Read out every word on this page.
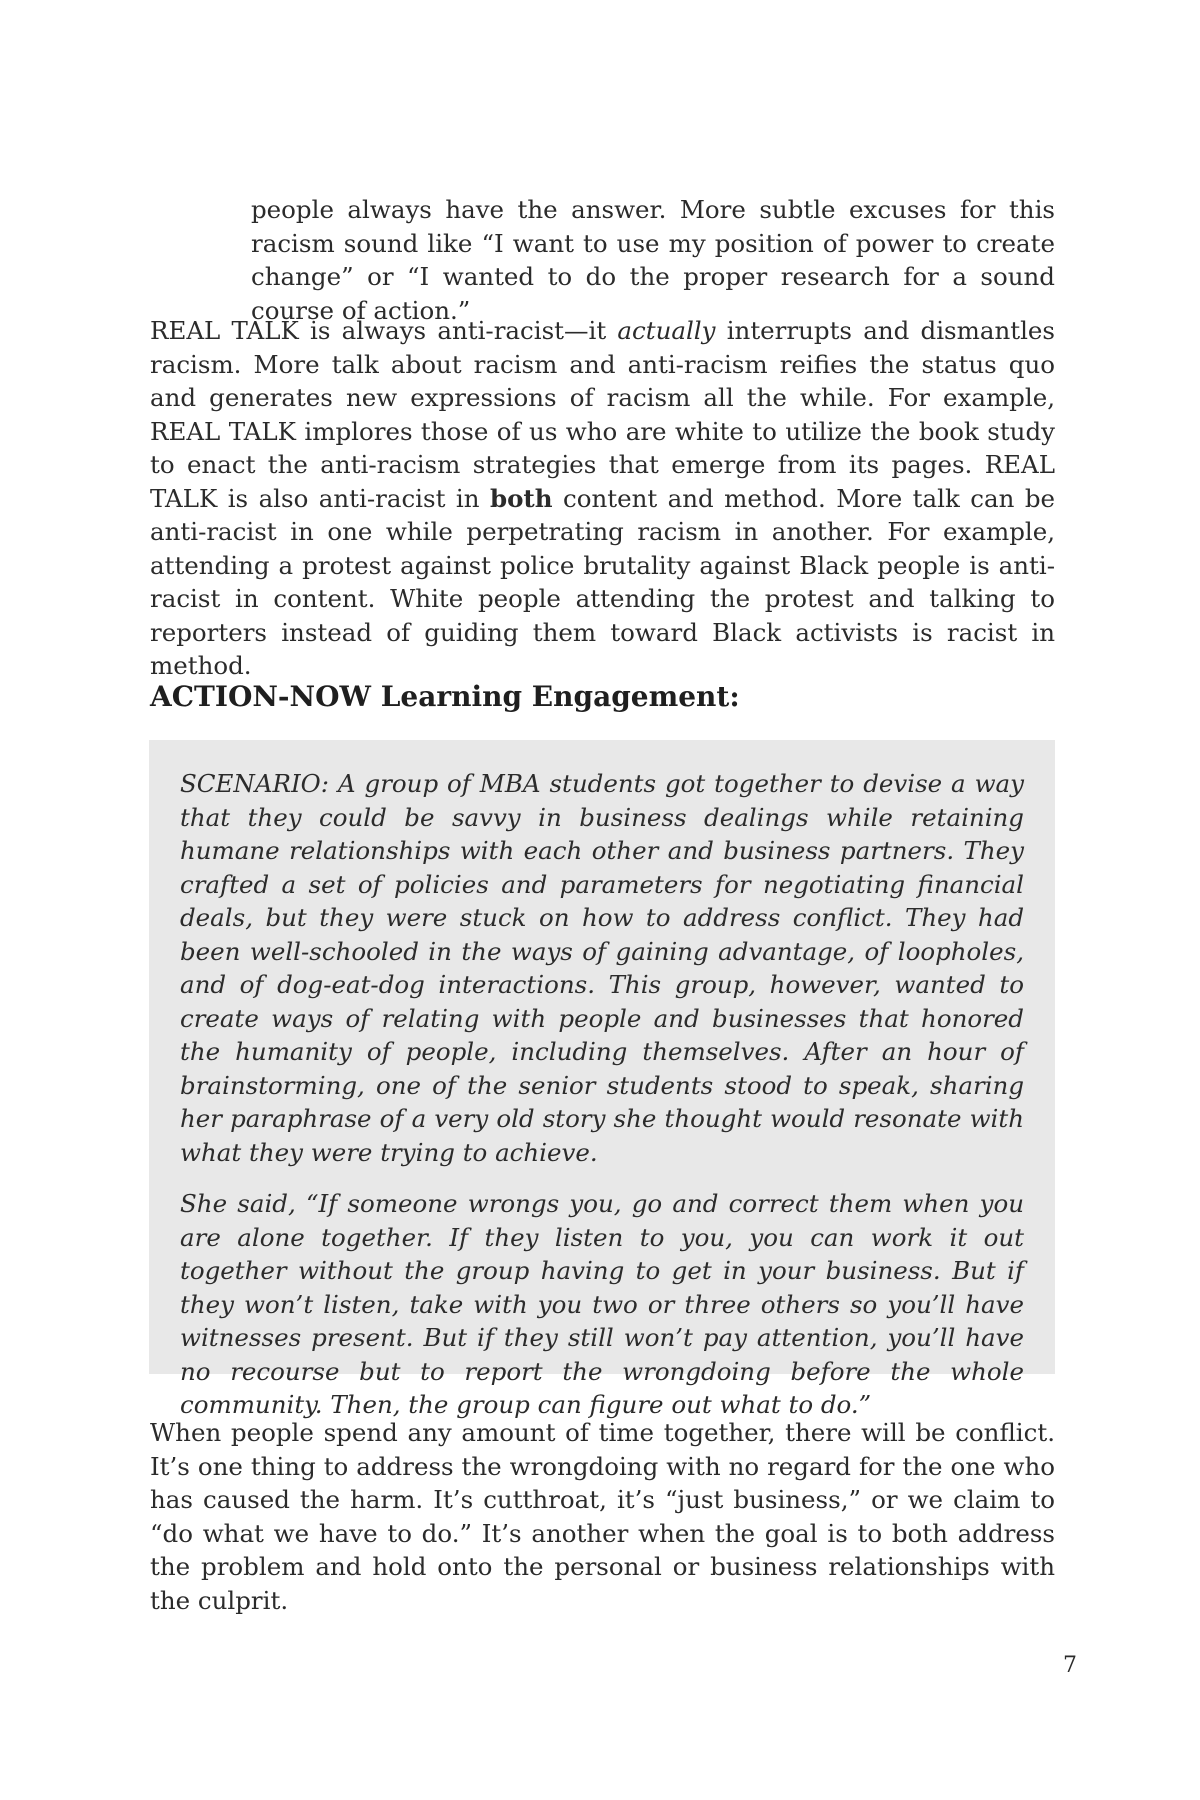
people always have the answer. More subtle excuses for this racism sound like “I want to use my position of power to create change” or “I wanted to do the proper research for a sound course of action.”

REAL TALK is always anti-racist—it actually interrupts and dismantles racism. More talk about racism and anti-racism reifies the status quo and generates new expressions of racism all the while. For example, REAL TALK implores those of us who are white to utilize the book study to enact the anti-racism strategies that emerge from its pages. REAL TALK is also anti-racist in both content and method. More talk can be anti-racist in one while perpetrating racism in another. For example, attending a protest against police brutality against Black people is anti-racist in content. White people attending the protest and talking to reporters instead of guiding them toward Black activists is racist in method.

ACTION-NOW Learning Engagement:

SCENARIO: A group of MBA students got together to devise a way that they could be savvy in business dealings while retaining humane relationships with each other and business partners. They crafted a set of policies and parameters for negotiating financial deals, but they were stuck on how to address conflict. They had been well-schooled in the ways of gaining advantage, of loopholes, and of dog-eat-dog interactions. This group, however, wanted to create ways of relating with people and businesses that honored the humanity of people, including themselves. After an hour of brainstorming, one of the senior students stood to speak, sharing her paraphrase of a very old story she thought would resonate with what they were trying to achieve.

She said, “If someone wrongs you, go and correct them when you are alone together. If they listen to you, you can work it out together without the group having to get in your business. But if they won’t listen, take with you two or three others so you’ll have witnesses present. But if they still won’t pay attention, you’ll have no recourse but to report the wrongdoing before the whole community. Then, the group can figure out what to do.”

When people spend any amount of time together, there will be conflict. It’s one thing to address the wrongdoing with no regard for the one who has caused the harm. It’s cutthroat, it’s “just business,” or we claim to “do what we have to do.” It’s another when the goal is to both address the problem and hold onto the personal or business relationships with the culprit.

7
